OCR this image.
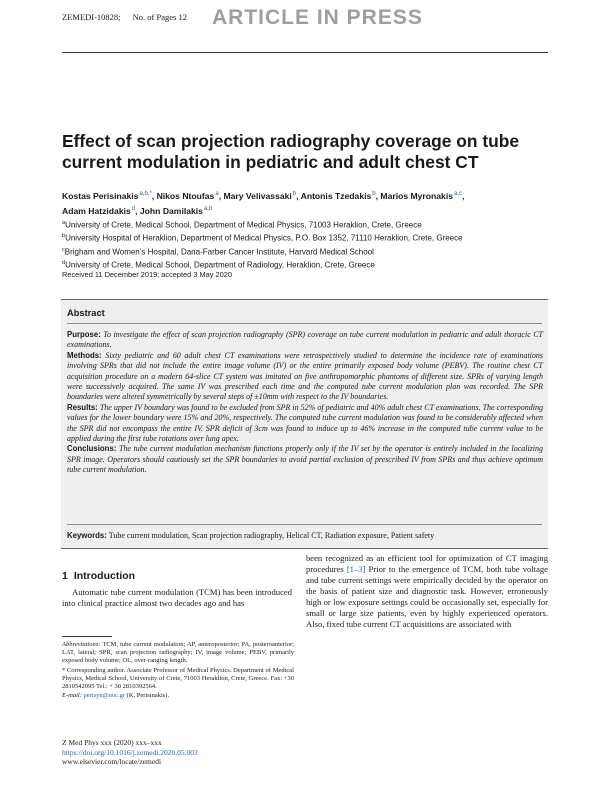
ZEMEDI-10828; No. of Pages 12	ARTICLE IN PRESS
Effect of scan projection radiography coverage on tube current modulation in pediatric and adult chest CT
Kostas Perisinakis$^{a,b,*}$, Nikos Ntoufas$^a$, Mary Velivassaki$^b$, Antonis Tzedakis$^b$, Marios Myronakis$^{a,c}$,
Adam Hatzidakis$^d$, John Damilakis$^{a,b}$
$^a$University of Crete, Medical School, Department of Medical Physics, 71003 Heraklion, Crete, Greece
$^b$University Hospital of Heraklion, Department of Medical Physics, P.O. Box 1352, 71110 Heraklion, Crete, Greece
$^c$Brigham and Women’s Hospital, Dana-Farber Cancer Institute, Harvard Medical School
$^d$University of Crete, Medical School, Department of Radiology, Heraklion, Crete, Greece
Received 11 December 2019; accepted 3 May 2020
Abstract

Purpose: To investigate the effect of scan projection radiography (SPR) coverage on tube current modulation in pediatric and adult thoracic CT examinations.

Methods: Sixty pediatric and 60 adult chest CT examinations were retrospectively studied to determine the incidence rate of examinations involving SPRs that did not include the entire image volume (IV) or the entire primarily exposed body volume (PEBV). The routine chest CT acquisition procedure on a modern 64-slice CT system was imitated on five anthropomorphic phantoms of different size. SPRs of varying length were successively acquired. The same IV was prescribed each time and the computed tube current modulation plan was recorded. The SPR boundaries were altered symmetrically by several steps of ±10mm with respect to the IV boundaries.

Results: The upper IV boundary was found to be excluded from SPR in 52% of pediatric and 40% adult chest CT examinations. The corresponding values for the lower boundary were 15% and 20%, respectively. The computed tube current modulation was found to be considerably affected when the SPR did not encompass the entire IV. SPR deficit of 3cm was found to induce up to 46% increase in the computed tube current value to be applied during the first tube rotations over lung apex.

Conclusions: The tube current modulation mechanism functions properly only if the IV set by the operator is entirely included in the localizing SPR image. Operators should cautiously set the SPR boundaries to avoid partial exclusion of prescribed IV from SPRs and thus achieve optimum tube current modulation.

Keywords: Tube current modulation, Scan projection radiography, Helical CT, Radiation exposure, Patient safety
1 Introduction
Automatic tube current modulation (TCM) has been introduced into clinical practice almost two decades ago and has
been recognized as an efficient tool for optimization of CT imaging procedures [1–3] Prior to the emergence of TCM, both tube voltage and tube current settings were empirically decided by the operator on the basis of patient size and diagnostic task. However, erroneously high or low exposure settings could be occasionally set, especially for small or large size patients, even by highly experienced operators. Also, fixed tube current CT acquisitions are associated with

Abbreviations: TCM, tube current modulation; AP, anteroposterior; PA, posteroanterior; LAT, lateral; SPR, scan projection radiography; IV, image volume; PEBV, primarily exposed body volume; OL, over-ranging length.

* Corresponding author. Associate Professor of Medical Physics. Department of Medical Physics, Medical School, University of Crete, 71003 Heraklion, Crete, Greece. Fax: +30 2810542095 Tel.: + 30 2810392564.

E-mail: perisyn@uoc.gr (K. Perisinakis).

Z Med Phys xxx (2020) xxx–xxx
https://doi.org/10.1016/j.zemedi.2020.05.003
www.elsevier.com/locate/zemedi
